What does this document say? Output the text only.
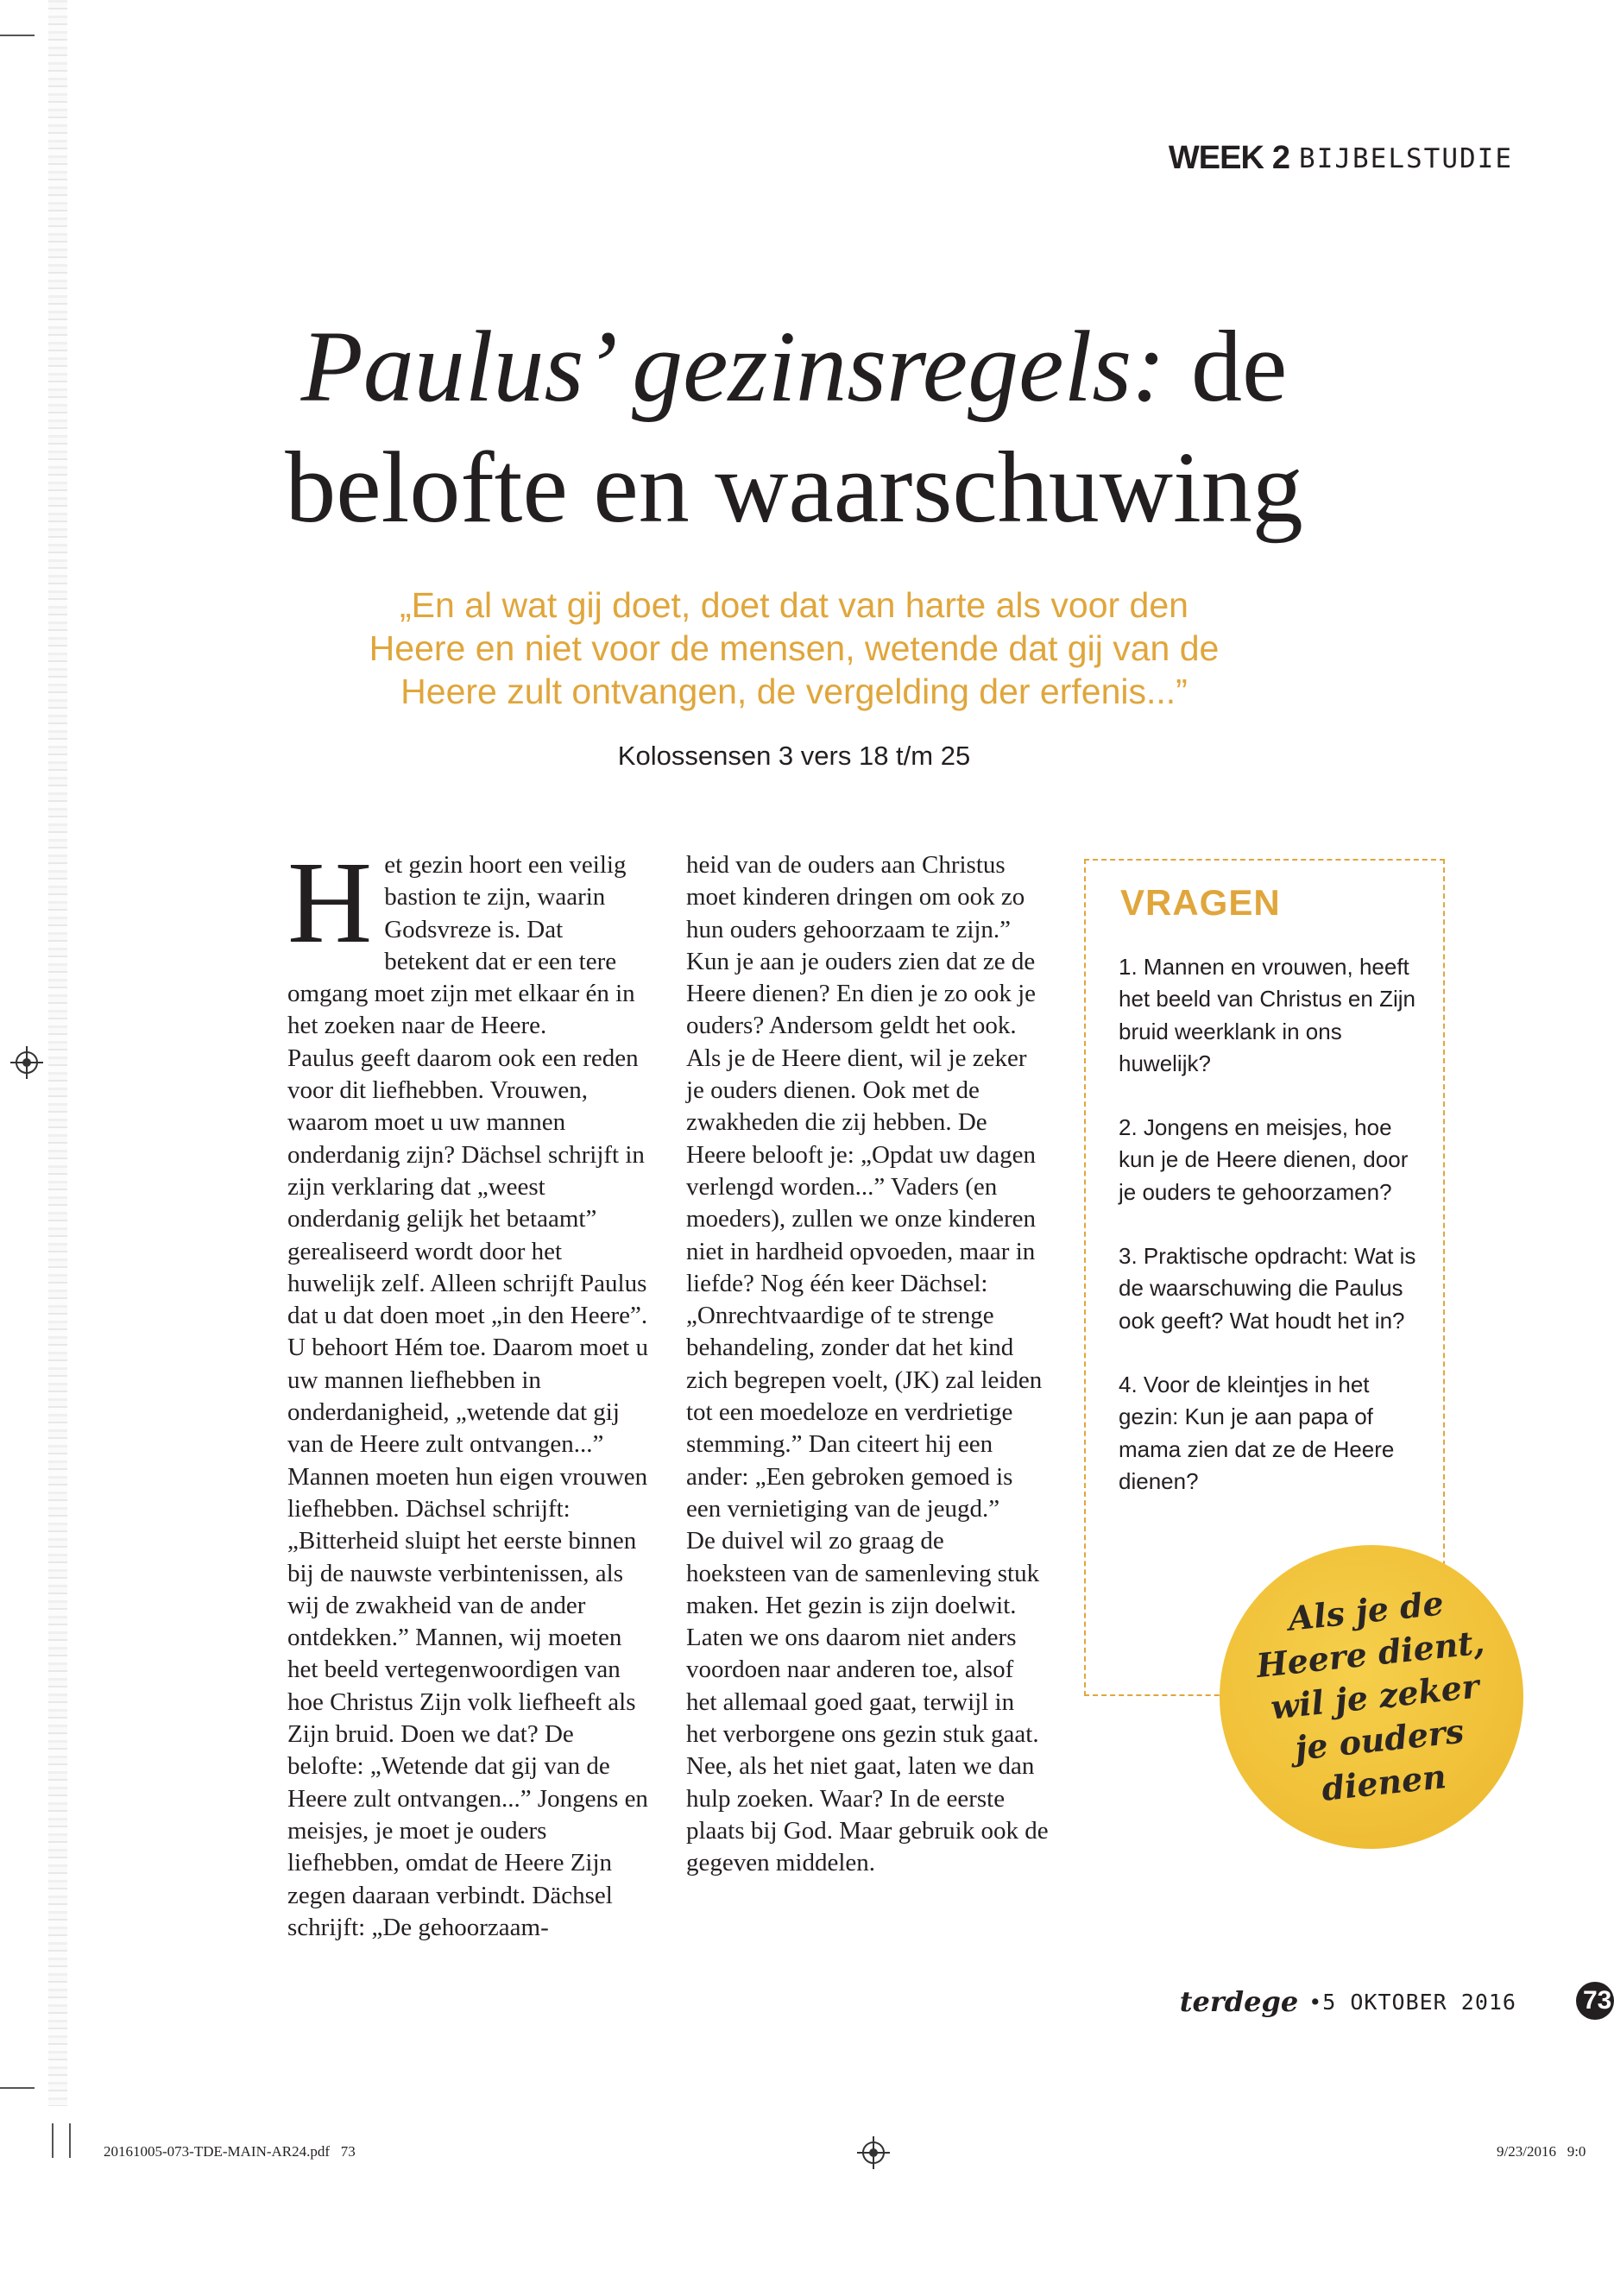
WEEK 2 BIJBELSTUDIE
Paulus’ gezinsregels: de
belofte en waarschuwing

„En al wat gij doet, doet dat van harte als voor den Heere en niet voor de mensen, wetende dat gij van de Heere zult ontvangen, de vergelding der erfenis...”

Kolossensen 3 vers 18 t/m 25

Het gezin hoort een veilig bastion te zijn, waarin Godsvreze is. Dat betekent dat er een tere omgang moet zijn met elkaar én in het zoeken naar de Heere.

Paulus geeft daarom ook een reden voor dit liefhebben. Vrouwen, waarom moet u uw mannen onderdanig zijn? Dächsel schrijft in zijn verklaring dat „weest onderdanig gelijk het betaamt” gerealiseerd wordt door het huwelijk zelf. Alleen schrijft Paulus dat u dat doen moet „in den Heere”. U behoort Hém toe. Daarom moet u uw mannen liefhebben in onderdanigheid, „wetende dat gij van de Heere zult ontvangen...” Mannen moeten hun eigen vrouwen liefhebben. Dächsel schrijft: „Bitterheid sluipt het eerste binnen bij de nauwste verbintenissen, als wij de zwakheid van de ander ontdekken.” Mannen, wij moeten het beeld vertegenwoordigen van hoe Christus Zijn volk liefheeft als Zijn bruid. Doen we dat? De belofte: „Wetende dat gij van de Heere zult ontvangen...” Jongens en meisjes, je moet je ouders liefhebben, omdat de Heere Zijn zegen daaraan verbindt. Dächsel schrijft: „De gehoorzaam-

heid van de ouders aan Christus moet kinderen dringen om ook zo hun ouders gehoorzaam te zijn.” Kun je aan je ouders zien dat ze de Heere dienen? En dien je zo ook je ouders? Andersom geldt het ook. Als je de Heere dient, wil je zeker je ouders dienen. Ook met de zwakheden die zij hebben. De Heere belooft je: „Opdat uw dagen verlengd worden...” Vaders (en moeders), zullen we onze kinderen niet in hardheid opvoeden, maar in liefde? Nog één keer Dächsel: „Onrechtvaardige of te strenge behandeling, zonder dat het kind zich begrepen voelt, (JK) zal leiden tot een moedeloze en verdrietige stemming.” Dan citeert hij een ander: „Een gebroken gemoed is een vernietiging van de jeugd.”

De duivel wil zo graag de hoeksteen van de samenleving stuk maken. Het gezin is zijn doelwit. Laten we ons daarom niet anders voordoen naar anderen toe, alsof het allemaal goed gaat, terwijl in het verborgene ons gezin stuk gaat. Nee, als het niet gaat, laten we dan hulp zoeken. Waar? In de eerste plaats bij God. Maar gebruik ook de gegeven middelen.

VRAGEN

1. Mannen en vrouwen, heeft het beeld van Christus en Zijn bruid weerklank in ons huwelijk?

2. Jongens en meisjes, hoe kun je de Heere dienen, door je ouders te gehoorzamen?

3. Praktische opdracht: Wat is de waarschuwing die Paulus ook geeft? Wat houdt het in?

4. Voor de kleintjes in het gezin: Kun je aan papa of mama zien dat ze de Heere dienen?

Als je de Heere dient, wil je zeker je ouders dienen
terdege •5 OKTOBER 2016	73
20161005-073-TDE-MAIN-AR24.pdf   73	9/23/2016   9:0
